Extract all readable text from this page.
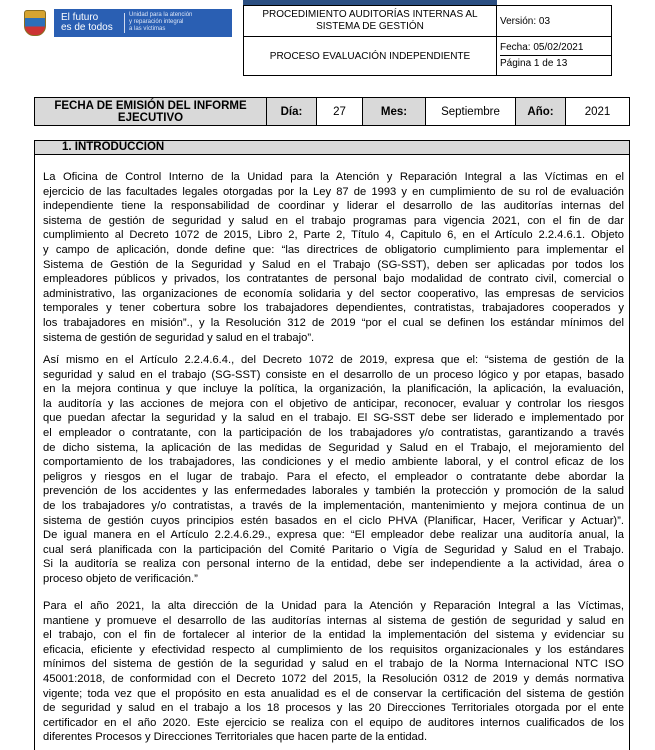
El futuro
es de todos
Unidad para la atención
y reparación integral
a las víctimas
PROCEDIMIENTO AUDITORÍAS INTERNAS AL
SISTEMA DE GESTIÓN	Versión: 03
PROCESO EVALUACIÓN INDEPENDIENTE	Fecha: 05/02/2021
Página 1 de 13
FECHA DE EMISIÓN DEL INFORME
EJECUTIVO	Día:	27	Mes:	Septiembre	Año:	2021
1. INTRODUCCION
La Oficina de Control Interno de la Unidad para la Atención y Reparación Integral a las Víctimas en el
ejercicio de las facultades legales otorgadas por la Ley 87 de 1993 y en cumplimiento de su rol de evaluación
independiente tiene la responsabilidad de coordinar y liderar el desarrollo de las auditorías internas del
sistema de gestión de seguridad y salud en el trabajo programas para vigencia 2021, con el fin de dar
cumplimiento al Decreto 1072 de 2015, Libro 2, Parte 2, Título 4, Capitulo 6, en el Artículo 2.2.4.6.1. Objeto
y campo de aplicación, donde define que: “las directrices de obligatorio cumplimiento para implementar el
Sistema de Gestión de la Seguridad y Salud en el Trabajo (SG-SST), deben ser aplicadas por todos los
empleadores públicos y privados, los contratantes de personal bajo modalidad de contrato civil, comercial o
administrativo, las organizaciones de economía solidaria y del sector cooperativo, las empresas de servicios
temporales y tener cobertura sobre los trabajadores dependientes, contratistas, trabajadores cooperados y
los trabajadores en misión”., y la Resolución 312 de 2019 “por el cual se definen los estándar mínimos del
sistema de gestión de seguridad y salud en el trabajo”.
Así mismo en el Artículo 2.2.4.6.4., del Decreto 1072 de 2019, expresa que el: “sistema de gestión de la
seguridad y salud en el trabajo (SG-SST) consiste en el desarrollo de un proceso lógico y por etapas, basado
en la mejora continua y que incluye la política, la organización, la planificación, la aplicación, la evaluación,
la auditoría y las acciones de mejora con el objetivo de anticipar, reconocer, evaluar y controlar los riesgos
que puedan afectar la seguridad y la salud en el trabajo. El SG-SST debe ser liderado e implementado por
el empleador o contratante, con la participación de los trabajadores y/o contratistas, garantizando a través
de dicho sistema, la aplicación de las medidas de Seguridad y Salud en el Trabajo, el mejoramiento del
comportamiento de los trabajadores, las condiciones y el medio ambiente laboral, y el control eficaz de los
peligros y riesgos en el lugar de trabajo. Para el efecto, el empleador o contratante debe abordar la
prevención de los accidentes y las enfermedades laborales y también la protección y promoción de la salud
de los trabajadores y/o contratistas, a través de la implementación, mantenimiento y mejora continua de un
sistema de gestión cuyos principios estén basados en el ciclo PHVA (Planificar, Hacer, Verificar y Actuar)”.
De igual manera en el Artículo 2.2.4.6.29., expresa que: “El empleador debe realizar una auditoría anual, la
cual será planificada con la participación del Comité Paritario o Vigía de Seguridad y Salud en el Trabajo.
Si la auditoría se realiza con personal interno de la entidad, debe ser independiente a la actividad, área o
proceso objeto de verificación.”
Para el año 2021, la alta dirección de la Unidad para la Atención y Reparación Integral a las Víctimas,
mantiene y promueve el desarrollo de las auditorías internas al sistema de gestión de seguridad y salud en
el trabajo, con el fin de fortalecer al interior de la entidad la implementación del sistema y evidenciar su
eficacia, eficiente y efectividad respecto al cumplimiento de los requisitos organizacionales y los estándares
mínimos del sistema de gestión de la seguridad y salud en el trabajo de la Norma Internacional NTC ISO
45001:2018, de conformidad con el Decreto 1072 del 2015, la Resolución 0312 de 2019 y demás normativa
vigente; toda vez que el propósito en esta anualidad es el de conservar la certificación del sistema de gestión
de seguridad y salud en el trabajo a los 18 procesos y las 20 Direcciones Territoriales otorgada por el ente
certificador en el año 2020. Este ejercicio se realiza con el equipo de auditores internos cualificados de los
diferentes Procesos y Direcciones Territoriales que hacen parte de la entidad.
